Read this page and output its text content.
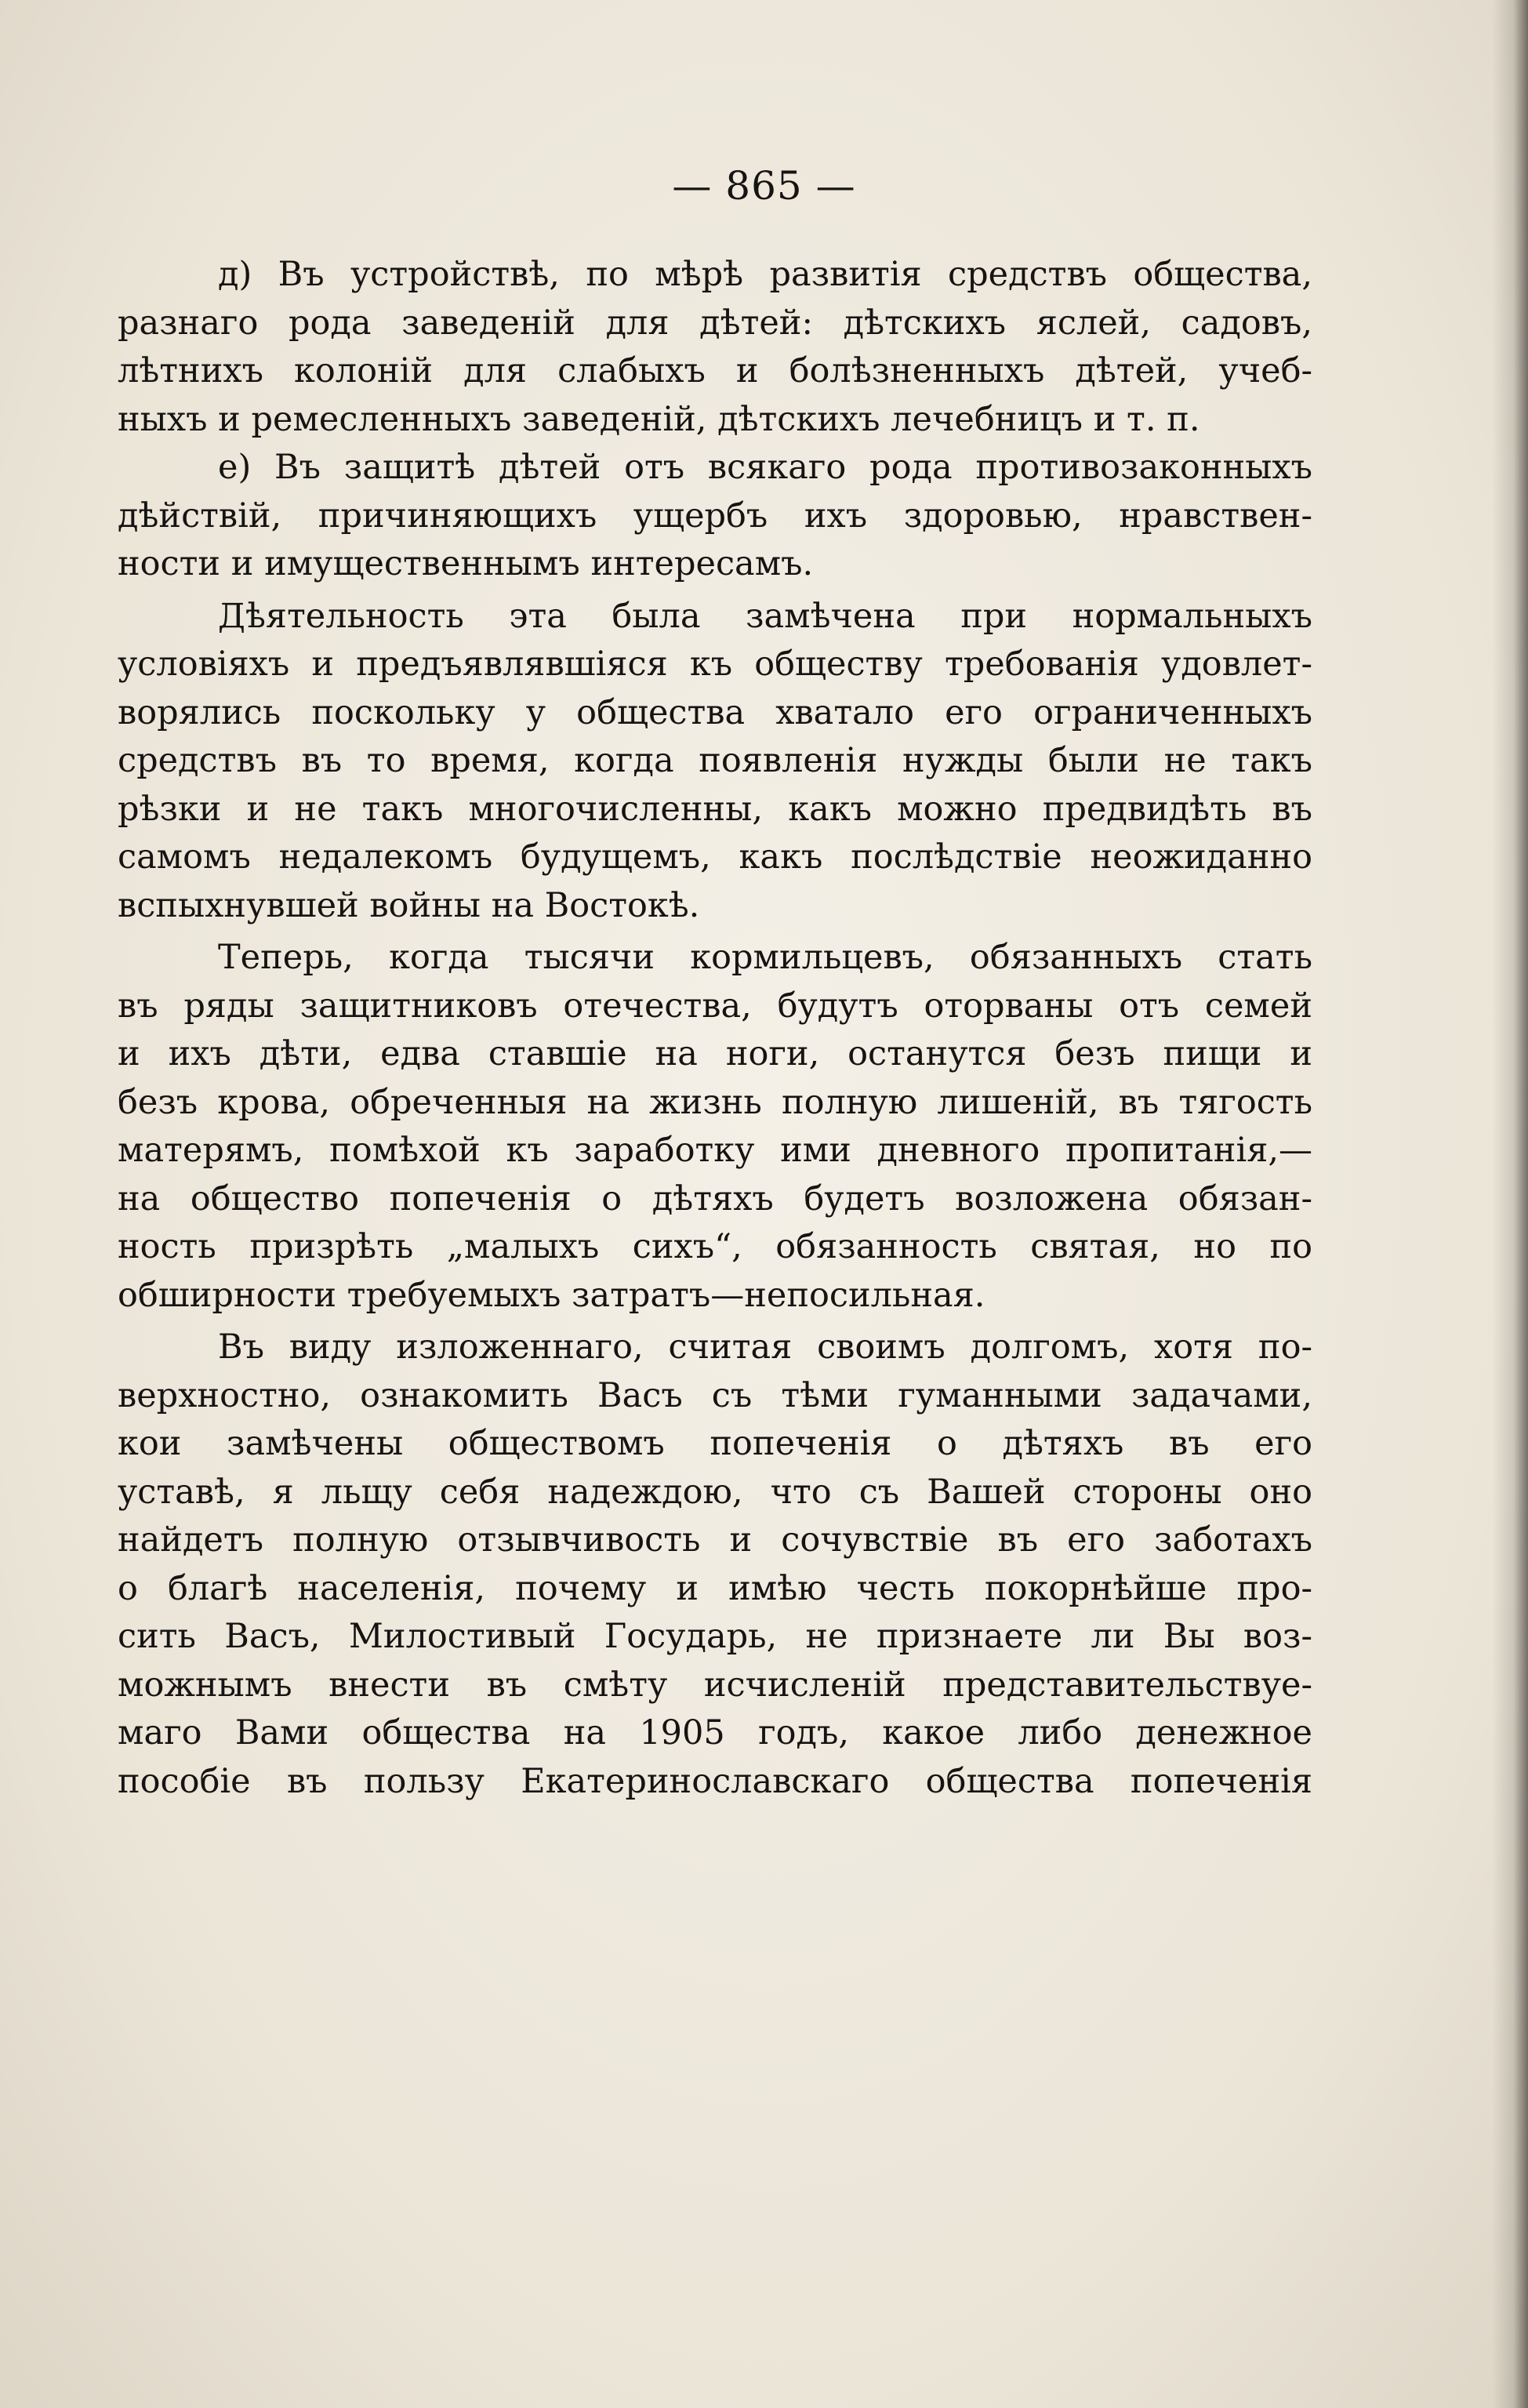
— 865 —
д) Въ устройствѣ, по мѣрѣ развитія средствъ общества,
разнаго рода заведеній для дѣтей: дѣтскихъ яслей, садовъ,
лѣтнихъ колоній для слабыхъ и болѣзненныхъ дѣтей, учеб-
ныхъ и ремесленныхъ заведеній, дѣтскихъ лечебницъ и т. п.
е) Въ защитѣ дѣтей отъ всякаго рода противозаконныхъ
дѣйствій, причиняющихъ ущербъ ихъ здоровью, нравствен-
ности и имущественнымъ интересамъ.
Дѣятельность эта была замѣчена при нормальныхъ
условіяхъ и предъявлявшіяся къ обществу требованія удовлет-
ворялись поскольку у общества хватало его ограниченныхъ
средствъ въ то время, когда появленія нужды были не такъ
рѣзки и не такъ многочисленны, какъ можно предвидѣть въ
самомъ недалекомъ будущемъ, какъ послѣдствіе неожиданно
вспыхнувшей войны на Востокѣ.
Теперь, когда тысячи кормильцевъ, обязанныхъ стать
въ ряды защитниковъ отечества, будутъ оторваны отъ семей
и ихъ дѣти, едва ставшіе на ноги, останутся безъ пищи и
безъ крова, обреченныя на жизнь полную лишеній, въ тягость
матерямъ, помѣхой къ заработку ими дневного пропитанія,—
на общество попеченія о дѣтяхъ будетъ возложена обязан-
ность призрѣть „малыхъ сихъ“, обязанность святая, но по
обширности требуемыхъ затратъ—непосильная.
Въ виду изложеннаго, считая своимъ долгомъ, хотя по-
верхностно, ознакомить Васъ съ тѣми гуманными задачами,
кои замѣчены обществомъ попеченія о дѣтяхъ въ его
уставѣ, я льщу себя надеждою, что съ Вашей стороны оно
найдетъ полную отзывчивость и сочувствіе въ его заботахъ
о благѣ населенія, почему и имѣю честь покорнѣйше про-
сить Васъ, Милостивый Государь, не признаете ли Вы воз-
можнымъ внести въ смѣту исчисленій представительствуе-
маго Вами общества на 1905 годъ, какое либо денежное
пособіе въ пользу Екатеринославскаго общества попеченія
